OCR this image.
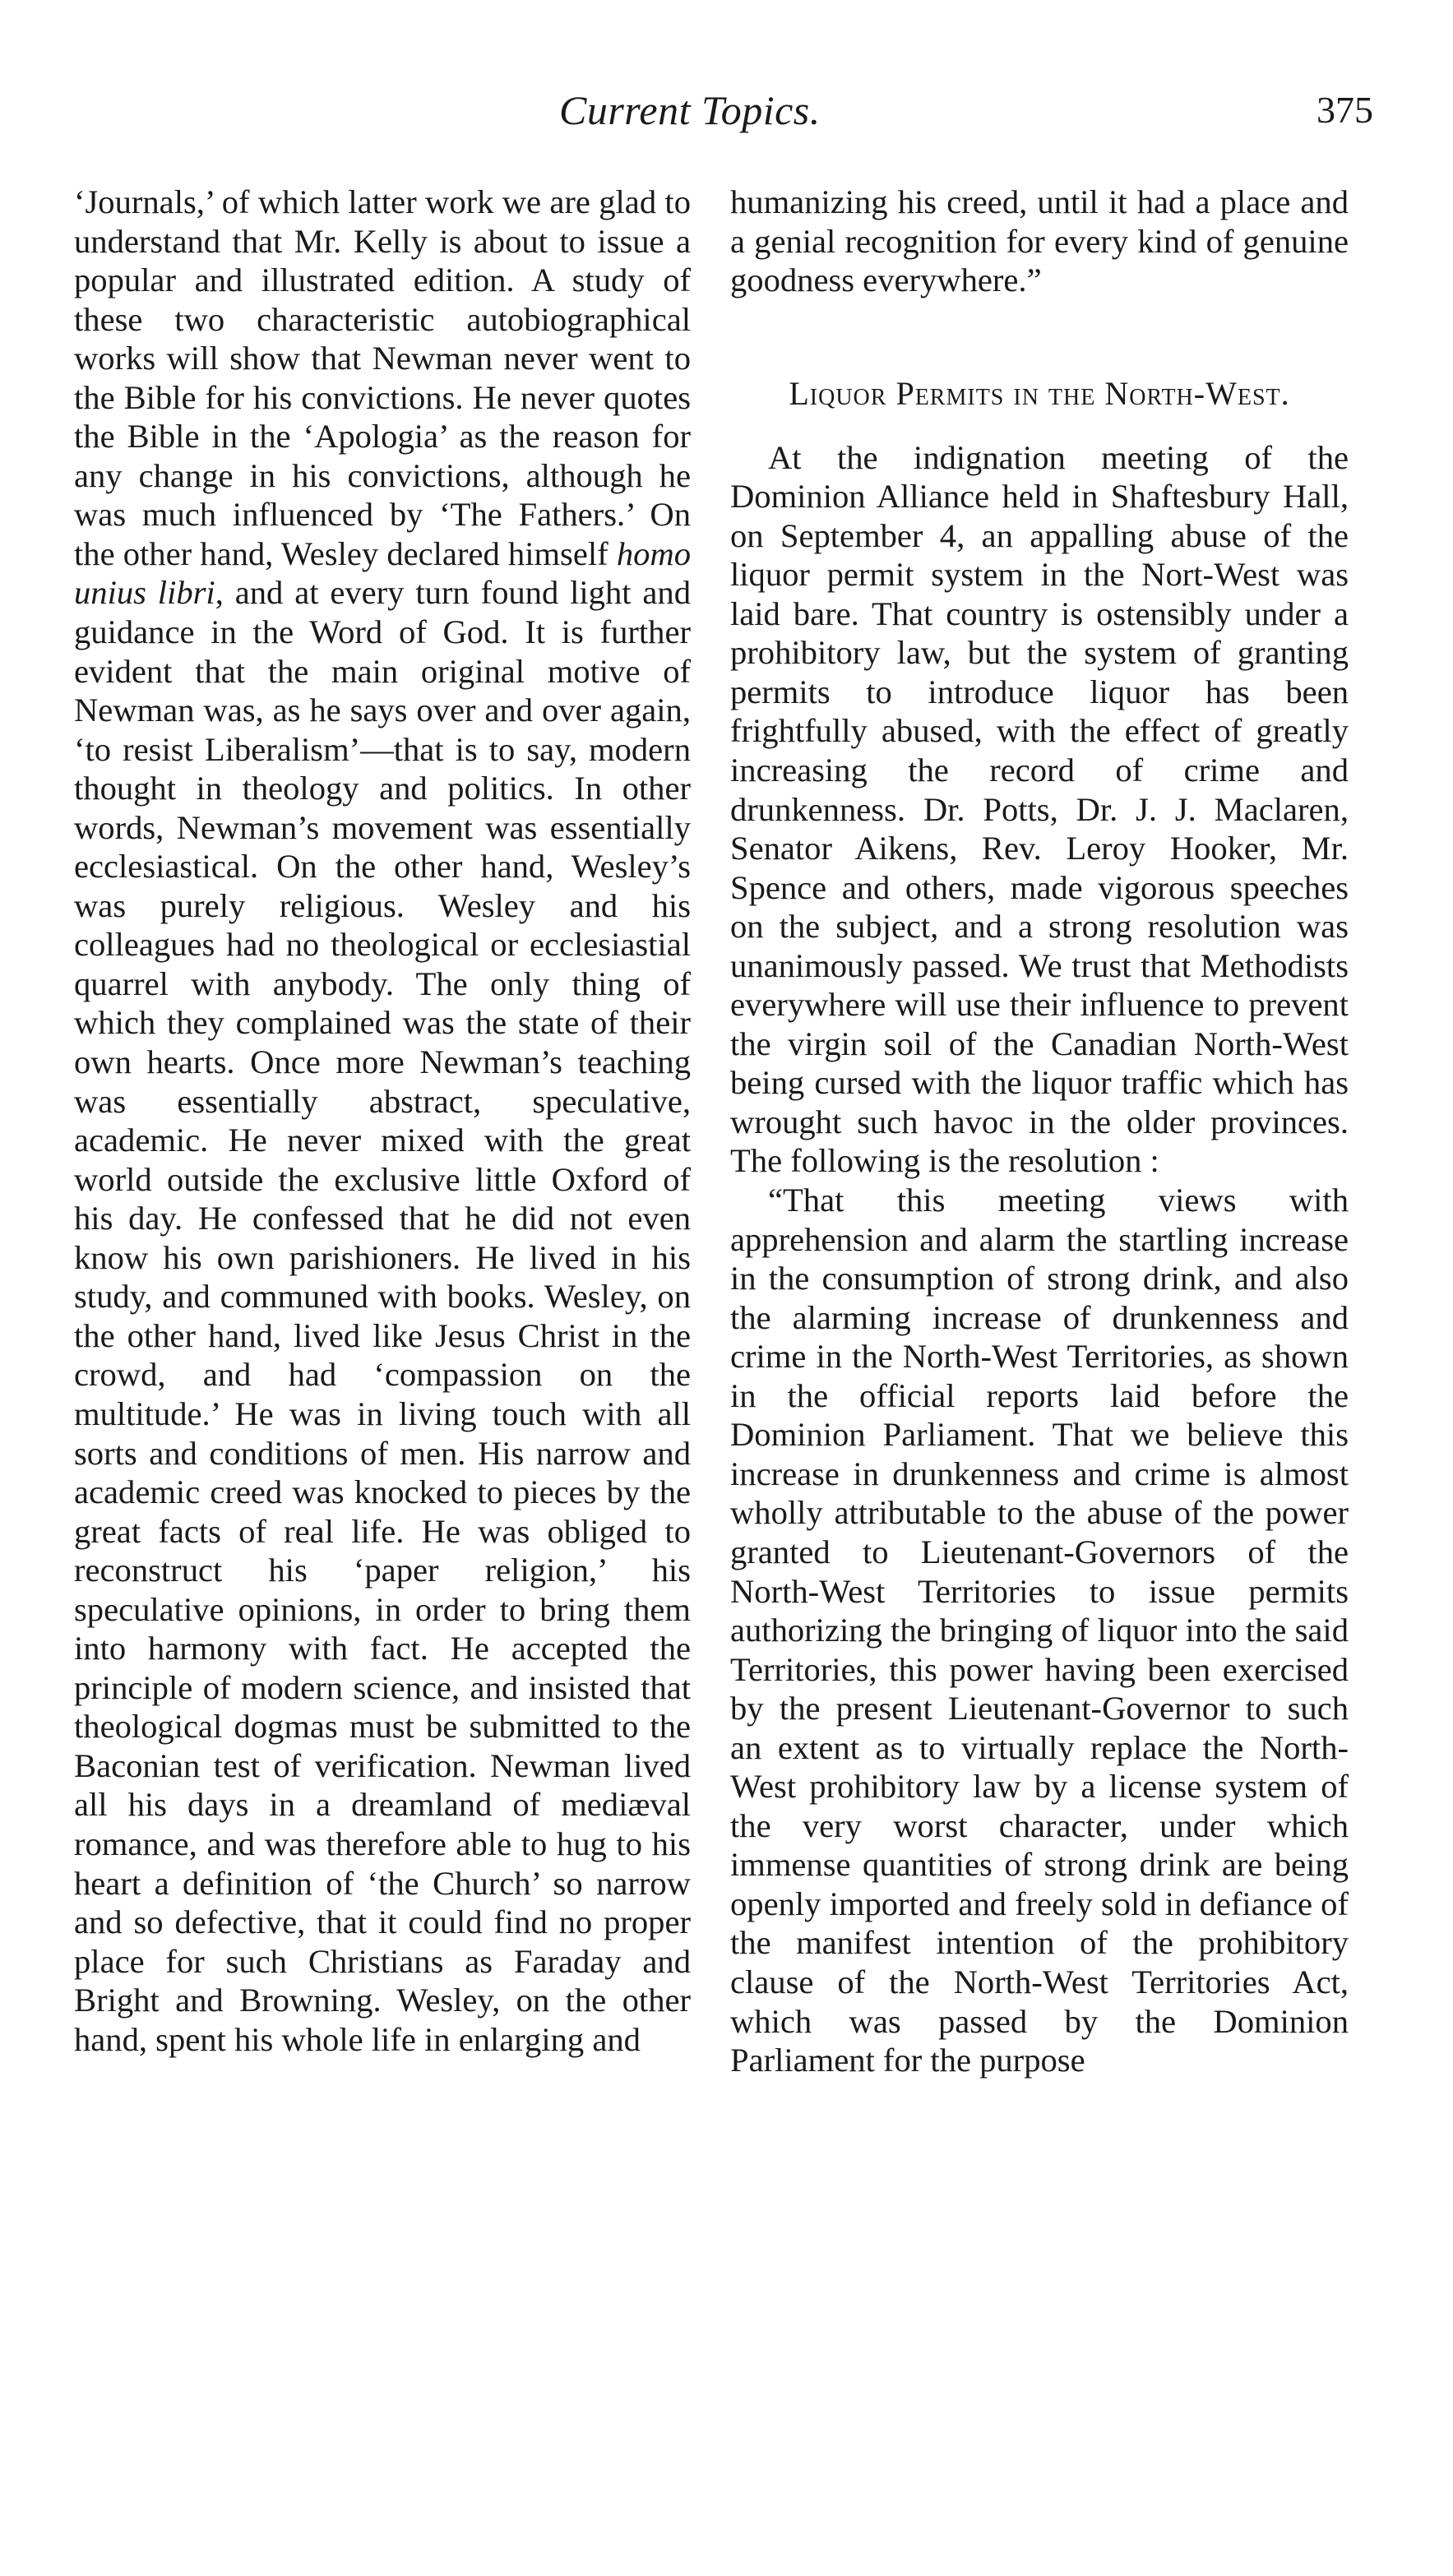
Current Topics.	375

‘Journals,’ of which latter work we are glad to understand that Mr. Kelly is about to issue a popular and illustrated edition. A study of these two characteristic autobiographical works will show that Newman never went to the Bible for his convictions. He never quotes the Bible in the ‘Apologia’ as the reason for any change in his convictions, although he was much influenced by ‘The Fathers.’ On the other hand, Wesley declared himself homo unius libri, and at every turn found light and guidance in the Word of God. It is further evident that the main original motive of Newman was, as he says over and over again, ‘to resist Liberalism’—that is to say, modern thought in theology and politics. In other words, Newman’s movement was essentially ecclesiastical. On the other hand, Wesley’s was purely religious. Wesley and his colleagues had no theological or ecclesiastial quarrel with anybody. The only thing of which they complained was the state of their own hearts. Once more Newman’s teaching was essentially abstract, speculative, academic. He never mixed with the great world outside the exclusive little Oxford of his day. He confessed that he did not even know his own parishioners. He lived in his study, and communed with books. Wesley, on the other hand, lived like Jesus Christ in the crowd, and had ‘compassion on the multitude.’ He was in living touch with all sorts and conditions of men. His narrow and academic creed was knocked to pieces by the great facts of real life. He was obliged to reconstruct his ‘paper religion,’ his speculative opinions, in order to bring them into harmony with fact. He accepted the principle of modern science, and insisted that theological dogmas must be submitted to the Baconian test of verification. Newman lived all his days in a dreamland of mediæval romance, and was therefore able to hug to his heart a definition of ‘the Church’ so narrow and so defective, that it could find no proper place for such Christians as Faraday and Bright and Browning. Wesley, on the other hand, spent his whole life in enlarging and

humanizing his creed, until it had a place and a genial recognition for every kind of genuine goodness everywhere.”

Liquor Permits in the North-West.

At the indignation meeting of the Dominion Alliance held in Shaftesbury Hall, on September 4, an appalling abuse of the liquor permit system in the Nort-West was laid bare. That country is ostensibly under a prohibitory law, but the system of granting permits to introduce liquor has been frightfully abused, with the effect of greatly increasing the record of crime and drunkenness. Dr. Potts, Dr. J. J. Maclaren, Senator Aikens, Rev. Leroy Hooker, Mr. Spence and others, made vigorous speeches on the subject, and a strong resolution was unanimously passed. We trust that Methodists everywhere will use their influence to prevent the virgin soil of the Canadian North-West being cursed with the liquor traffic which has wrought such havoc in the older provinces. The following is the resolution :

“That this meeting views with apprehension and alarm the startling increase in the consumption of strong drink, and also the alarming increase of drunkenness and crime in the North-West Territories, as shown in the official reports laid before the Dominion Parliament. That we believe this increase in drunkenness and crime is almost wholly attributable to the abuse of the power granted to Lieutenant-Governors of the North-West Territories to issue permits authorizing the bringing of liquor into the said Territories, this power having been exercised by the present Lieutenant-Governor to such an extent as to virtually replace the North-West prohibitory law by a license system of the very worst character, under which immense quantities of strong drink are being openly imported and freely sold in defiance of the manifest intention of the prohibitory clause of the North-West Territories Act, which was passed by the Dominion Parliament for the purpose
